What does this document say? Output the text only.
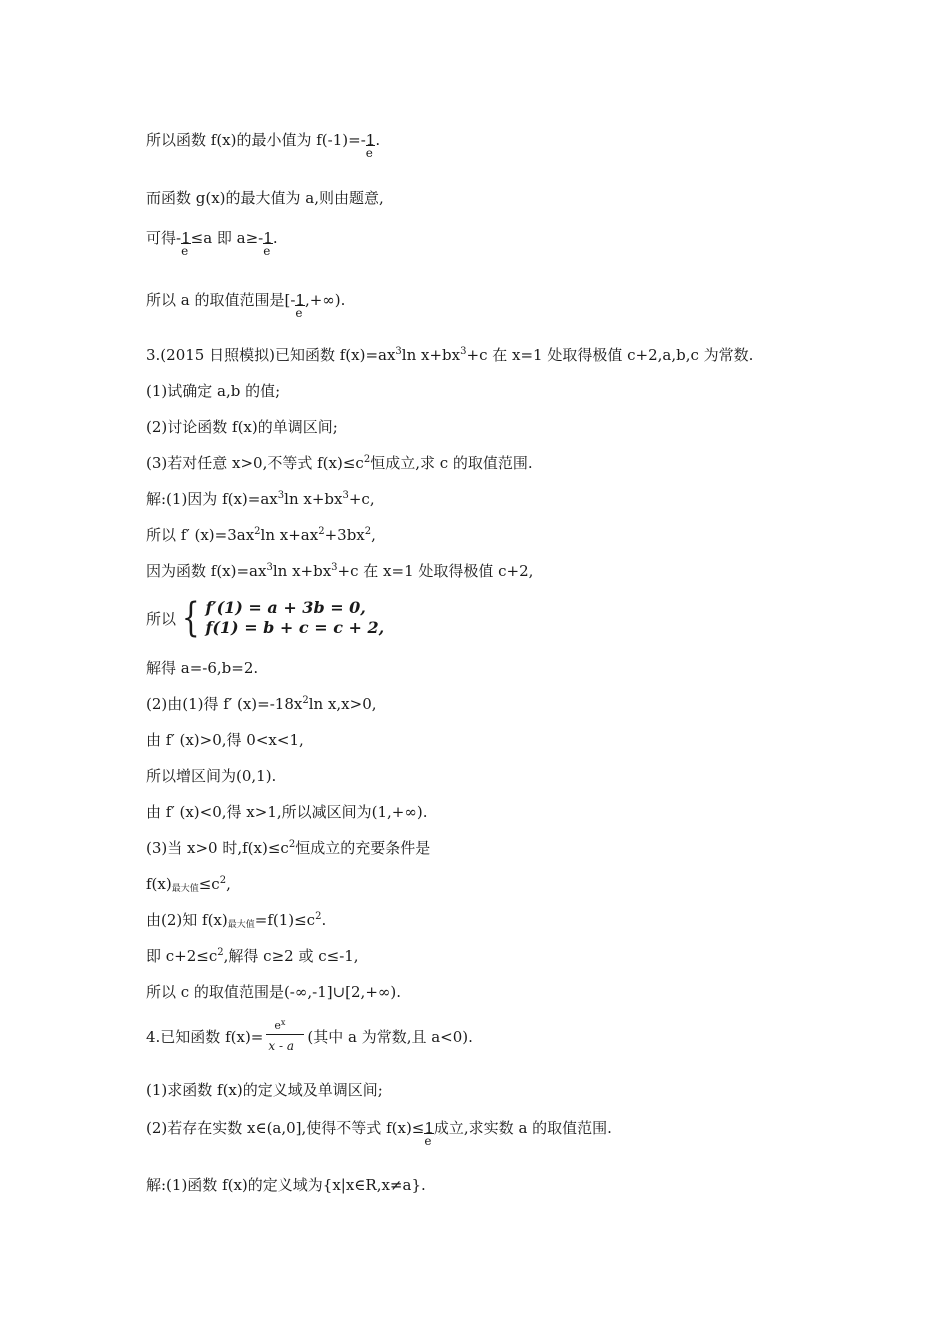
所以函数 f(x)的最小值为 $f(-1)=-\frac{1}{e}$ .
而函数 g(x)的最大值为 a,则由题意,
可得$-\frac{1}{e} \le a$ 即 $a\ge-\frac{1}{e}$ .
所以 a 的取值范围是[$-\frac{1}{e}$ ,+∞).
3.(2015 日照模拟)已知函数 $f(x)=ax^3\ln$ $x+bx^3+c$ 在 x=1 处取得极值 c+2,a,b,c 为常数.
(1)试确定 a,b 的值;
(2)讨论函数 f(x)的单调区间;
(3)若对任意 x>0,不等式 $f(x)\le c^2$恒成立,求 c 的取值范围.
解:(1)因为 $f(x)=ax^3\ln$ $x+bx^3+c$,
所以 f′ $(x)=3ax^2\ln$ $x+ax^2+3bx^2$,
因为函数 $f(x)=ax^3\ln$ $x+bx^3+c$ 在 x=1 处取得极值 c+2,
所以 { f′(1) = a + 3b = 0,
f(1) = b + c = c + 2,
解得 a=-6,b=2.
(2)由(1)得 f′ $(x)=-18x^2\ln$ x,x>0,
由 f′ (x)>0,得 0<x<1,
所以增区间为(0,1).
由 f′ (x)<0,得 x>1,所以减区间为(1,+∞).
(3)当 x>0 时$,f(x)\le c^2$恒成立的充要条件是
$f(x)_{最大值}\le c^2$,
由(2)知 $f(x)_{最大值}=f(1)\le c^2$.
即 $c+2\le c^2$,解得 c≥2 或 c≤-1,
所以 c 的取值范围是(-∞,-1]∪[2,+∞).
4.已知函数 $f(x)= \frac{e^x}{x - a}$ (其中 a 为常数,且 a<0).
(1)求函数 f(x)的定义域及单调区间;
(2)若存在实数 x∈(a,0],使得不等式 $f(x)\le\frac{1}{e}$ 成立,求实数 a 的取值范围.
解:(1)函数 f(x)的定义域为{x|x∈R,x≠a}.
